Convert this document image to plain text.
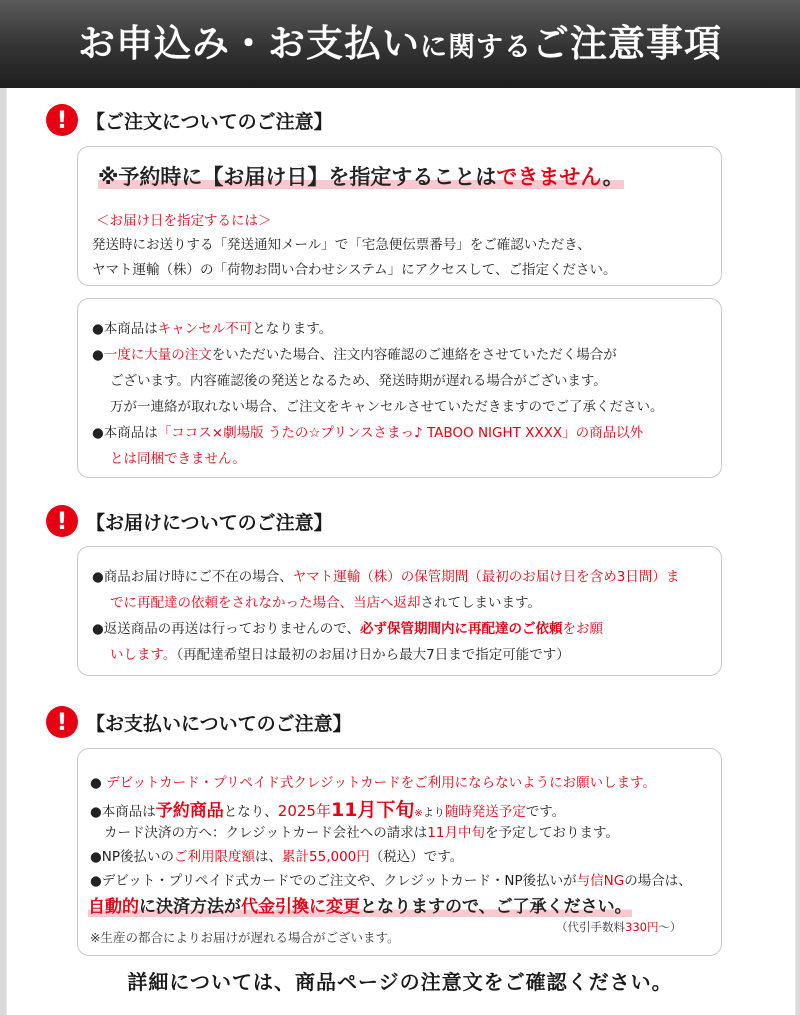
お申込み・お支払いに関するご注意事項
! 【ご注文についてのご注意】
※予約時に【お届け日】を指定することはできません。
＜お届け日を指定するには＞
発送時にお送りする「発送通知メール」で「宅急便伝票番号」をご確認いただき、
ヤマト運輸（株）の「荷物お問い合わせシステム」にアクセスして、ご指定ください。
●本商品はキャンセル不可となります。
●一度に大量の注文をいただいた場合、注文内容確認のご連絡をさせていただく場合が
ございます。内容確認後の発送となるため、発送時期が遅れる場合がございます。
万が一連絡が取れない場合、ご注文をキャンセルさせていただきますのでご了承ください。
●本商品は「ココス×劇場版 うたの☆プリンスさまっ♪ TABOO NIGHT XXXX」の商品以外
とは同梱できません。
! 【お届けについてのご注意】
●商品お届け時にご不在の場合、ヤマト運輸（株）の保管期間（最初のお届け日を含め3日間）ま
でに再配達の依頼をされなかった場合、当店へ返却されてしまいます。
●返送商品の再送は行っておりませんので、必ず保管期間内に再配達のご依頼をお願
いします。（再配達希望日は最初のお届け日から最大7日まで指定可能です）
! 【お支払いについてのご注意】
● デビットカード・プリペイド式クレジットカードをご利用にならないようにお願いします。
●本商品は予約商品となり、2025年11月下旬※より随時発送予定です。
カード決済の方へ：クレジットカード会社への請求は11月中旬を予定しております。
●NP後払いのご利用限度額は、累計55,000円（税込）です。
●デビット・プリペイド式カードでのご注文や、クレジットカード・NP後払いが与信NGの場合は、
自動的に決済方法が代金引換に変更となりますので、ご了承ください。
※生産の都合によりお届けが遅れる場合がございます。
（代引手数料330円～）
詳細については、商品ページの注意文をご確認ください。
